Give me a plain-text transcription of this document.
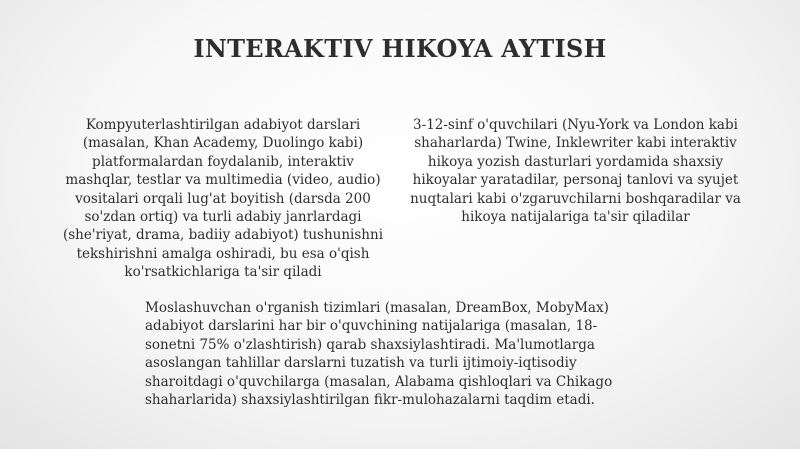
INTERAKTIV HIKOYA AYTISH

Kompyuterlashtirilgan adabiyot darslari (masalan, Khan Academy, Duolingo kabi) platformalardan foydalanib, interaktiv mashqlar, testlar va multimedia (video, audio) vositalari orqali lug'at boyitish (darsda 200 so'zdan ortiq) va turli adabiy janrlardagi (she'riyat, drama, badiiy adabiyot) tushunishni tekshirishni amalga oshiradi, bu esa o'qish ko'rsatkichlariga ta'sir qiladi

3-12-sinf o'quvchilari (Nyu-York va London kabi shaharlarda) Twine, Inklewriter kabi interaktiv hikoya yozish dasturlari yordamida shaxsiy hikoyalar yaratadilar, personaj tanlovi va syujet nuqtalari kabi o'zgaruvchilarni boshqaradilar va hikoya natijalariga ta'sir qiladilar

Moslashuvchan o'rganish tizimlari (masalan, DreamBox, MobyMax) adabiyot darslarini har bir o'quvchining natijalariga (masalan, 18-sonetni 75% o'zlashtirish) qarab shaxsiylashtiradi. Ma'lumotlarga asoslangan tahlillar darslarni tuzatish va turli ijtimoiy-iqtisodiy sharoitdagi o'quvchilarga (masalan, Alabama qishloqlari va Chikago shaharlarida) shaxsiylashtirilgan fikr-mulohazalarni taqdim etadi.
